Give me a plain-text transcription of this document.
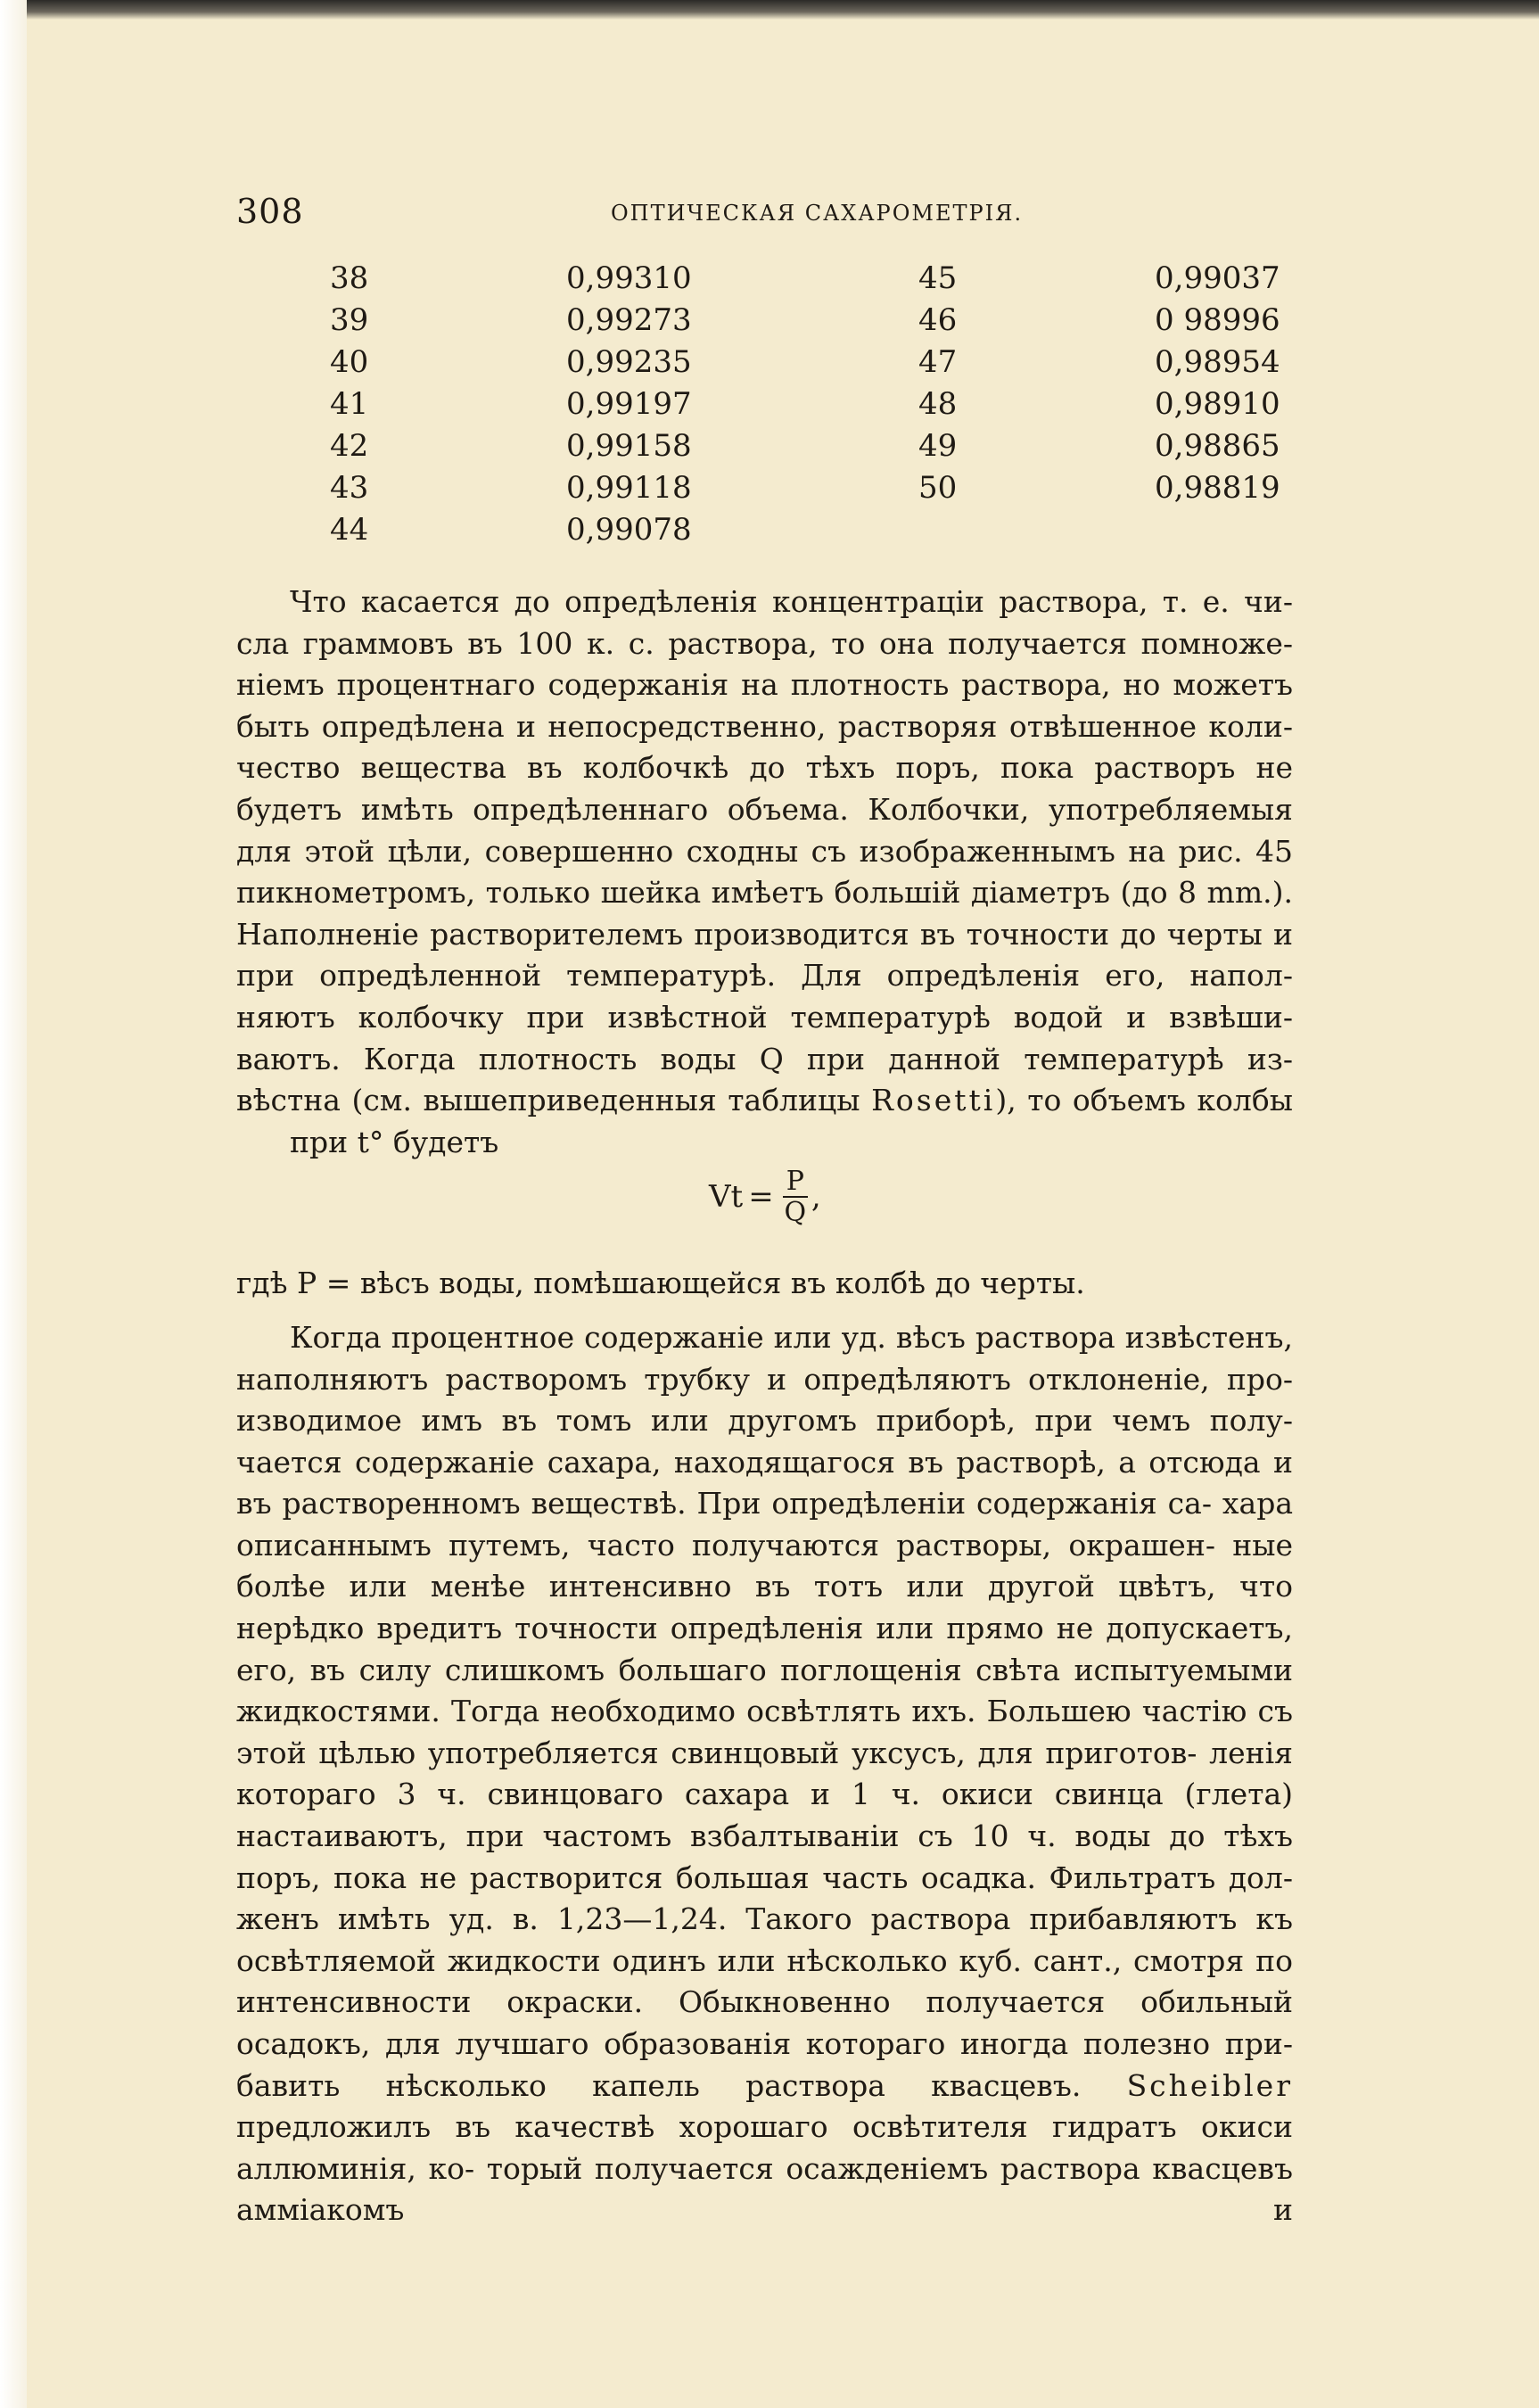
308	ОПТИЧЕСКАЯ САХАРОМЕТРІЯ.
38	0,99310	45	0,99037
39	0,99273	46	0 98996
40	0,99235	47	0,98954
41	0,99197	48	0,98910
42	0,99158	49	0,98865
43	0,99118	50	0,98819
44	0,99078

Что касается до опредѣленія концентраціи раствора, т. е. чи- сла граммовъ въ 100 к. с. раствора, то она получается помноже- ніемъ процентнаго содержанія на плотность раствора, но можетъ быть опредѣлена и непосредственно, растворяя отвѣшенное коли- чество вещества въ колбочкѣ до тѣхъ поръ, пока растворъ не будетъ имѣть опредѣленнаго объема. Колбочки, употребляемыя для этой цѣли, совершенно сходны съ изображеннымъ на рис. 45 пикнометромъ, только шейка имѣетъ большій діаметръ (до 8 mm.). Наполненіе растворителемъ производится въ точности до черты и при опредѣленной температурѣ. Для опредѣленія его, напол- няютъ колбочку при извѣстной температурѣ водой и взвѣши- ваютъ. Когда плотность воды Q при данной температурѣ из- вѣстна (см. вышеприведенныя таблицы Rosetti), то объемъ колбы
при t° будетъ

$Vt = \frac{P}{Q}$ ,

гдѣ P = вѣсъ воды, помѣшающейся въ колбѣ до черты.

Когда процентное содержаніе или уд. вѣсъ раствора извѣстенъ, наполняютъ растворомъ трубку и опредѣляютъ отклоненіе, про- изводимое имъ въ томъ или другомъ приборѣ, при чемъ полу- чается содержаніе сахара, находящагося въ растворѣ, а отсюда и въ растворенномъ веществѣ. При опредѣленіи содержанія са- хара описаннымъ путемъ, часто получаются растворы, окрашен- ные болѣе или менѣе интенсивно въ тотъ или другой цвѣтъ, что нерѣдко вредитъ точности опредѣленія или прямо не допускаетъ, его, въ силу слишкомъ большаго поглощенія свѣта испытуемыми жидкостями. Тогда необходимо освѣтлять ихъ. Большею частію съ этой цѣлью употребляется свинцовый уксусъ, для приготов- ленія котораго 3 ч. свинцоваго сахара и 1 ч. окиси свинца (глета) настаиваютъ, при частомъ взбалтываніи съ 10 ч. воды до тѣхъ поръ, пока не растворится большая часть осадка. Фильтратъ дол- женъ имѣть уд. в. 1,23—1,24. Такого раствора прибавляютъ къ освѣтляемой жидкости одинъ или нѣсколько куб. сант., смотря по интенсивности окраски. Обыкновенно получается обильный осадокъ, для лучшаго образованія котораго иногда полезно при- бавить нѣсколько капель раствора квасцевъ. Scheibler предложилъ въ качествѣ хорошаго освѣтителя гидратъ окиси аллюминія, ко- торый получается осажденіемъ раствора квасцевъ амміакомъ и
